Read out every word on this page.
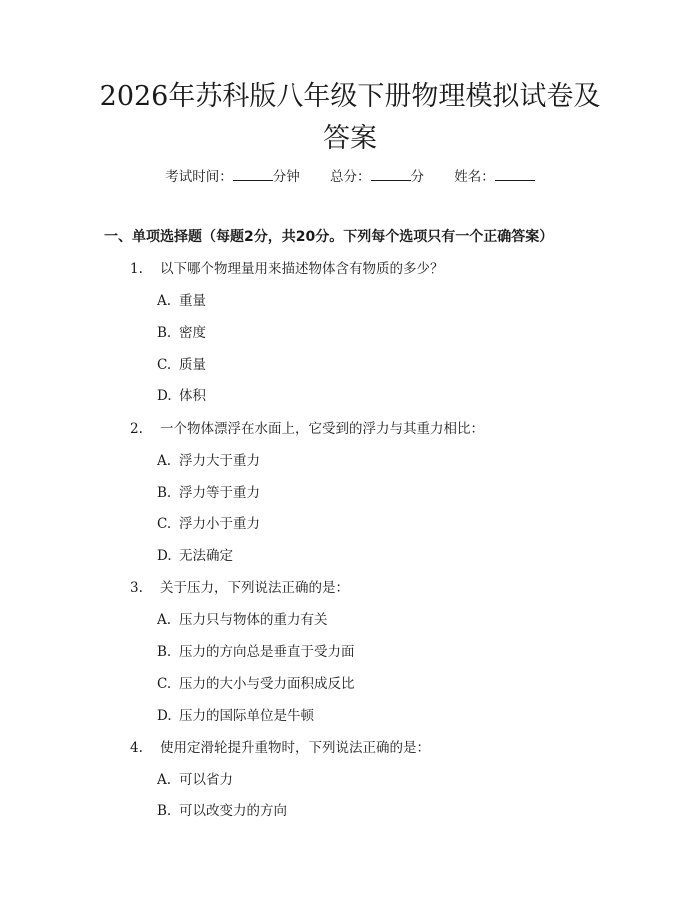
2026年苏科版八年级下册物理模拟试卷及答案
考试时间：	分钟 总分：	分 姓名：
一、单项选择题（每题2分，共20分。下列每个选项只有一个正确答案）
1. 以下哪个物理量用来描述物体含有物质的多少？
A. 重量
B. 密度
C. 质量
D. 体积
2. 一个物体漂浮在水面上，它受到的浮力与其重力相比：
A. 浮力大于重力
B. 浮力等于重力
C. 浮力小于重力
D. 无法确定
3. 关于压力，下列说法正确的是：
A. 压力只与物体的重力有关
B. 压力的方向总是垂直于受力面
C. 压力的大小与受力面积成反比
D. 压力的国际单位是牛顿
4. 使用定滑轮提升重物时，下列说法正确的是：
A. 可以省力
B. 可以改变力的方向
